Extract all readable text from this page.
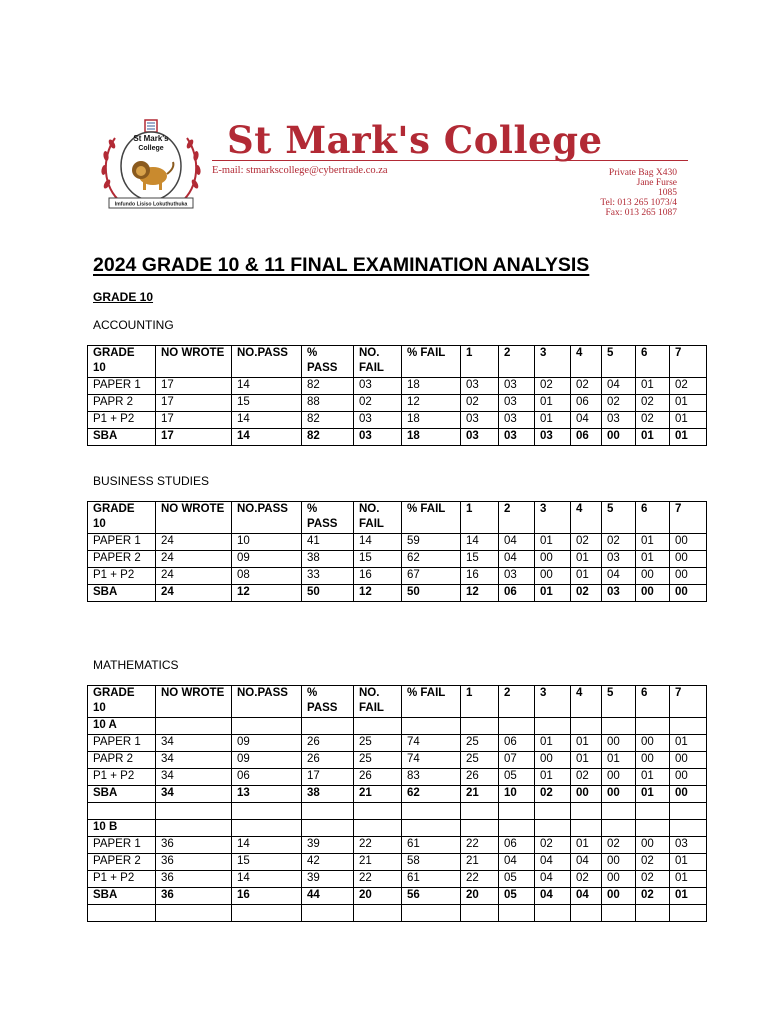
Imfundo Lisiso Lokuthuthuka
St Mark's
College St Mark's College
E-mail: stmarkscollege@cybertrade.co.za	Private Bag X430
Jane Furse
1085
Tel: 013 265 1073/4
Fax: 013 265 1087
2024 GRADE 10 & 11 FINAL EXAMINATION ANALYSIS
GRADE 10
ACCOUNTING
GRADE 10	NO WROTE	NO.PASS	% PASS	NO. FAIL	% FAIL	1	2	3	4	5	6	7
PAPER 1	17	14	82	03	18	03	03	02	02	04	01	02
PAPR 2	17	15	88	02	12	02	03	01	06	02	02	01
P1 + P2	17	14	82	03	18	03	03	01	04	03	02	01
SBA	17	14	82	03	18	03	03	03	06	00	01	01
BUSINESS STUDIES
GRADE 10	NO WROTE	NO.PASS	% PASS	NO. FAIL	% FAIL	1	2	3	4	5	6	7
PAPER 1	24	10	41	14	59	14	04	01	02	02	01	00
PAPER 2	24	09	38	15	62	15	04	00	01	03	01	00
P1 + P2	24	08	33	16	67	16	03	00	01	04	00	00
SBA	24	12	50	12	50	12	06	01	02	03	00	00
MATHEMATICS
GRADE 10	NO WROTE	NO.PASS	% PASS	NO. FAIL	% FAIL	1	2	3	4	5	6	7
10 A												
PAPER 1	34	09	26	25	74	25	06	01	01	00	00	01
PAPR 2	34	09	26	25	74	25	07	00	01	01	00	00
P1 + P2	34	06	17	26	83	26	05	01	02	00	01	00
SBA	34	13	38	21	62	21	10	02	00	00	01	00

10 B												
PAPER 1	36	14	39	22	61	22	06	02	01	02	00	03
PAPER 2	36	15	42	21	58	21	04	04	04	00	02	01
P1 + P2	36	14	39	22	61	22	05	04	02	00	02	01
SBA	36	16	44	20	56	20	05	04	04	00	02	01
